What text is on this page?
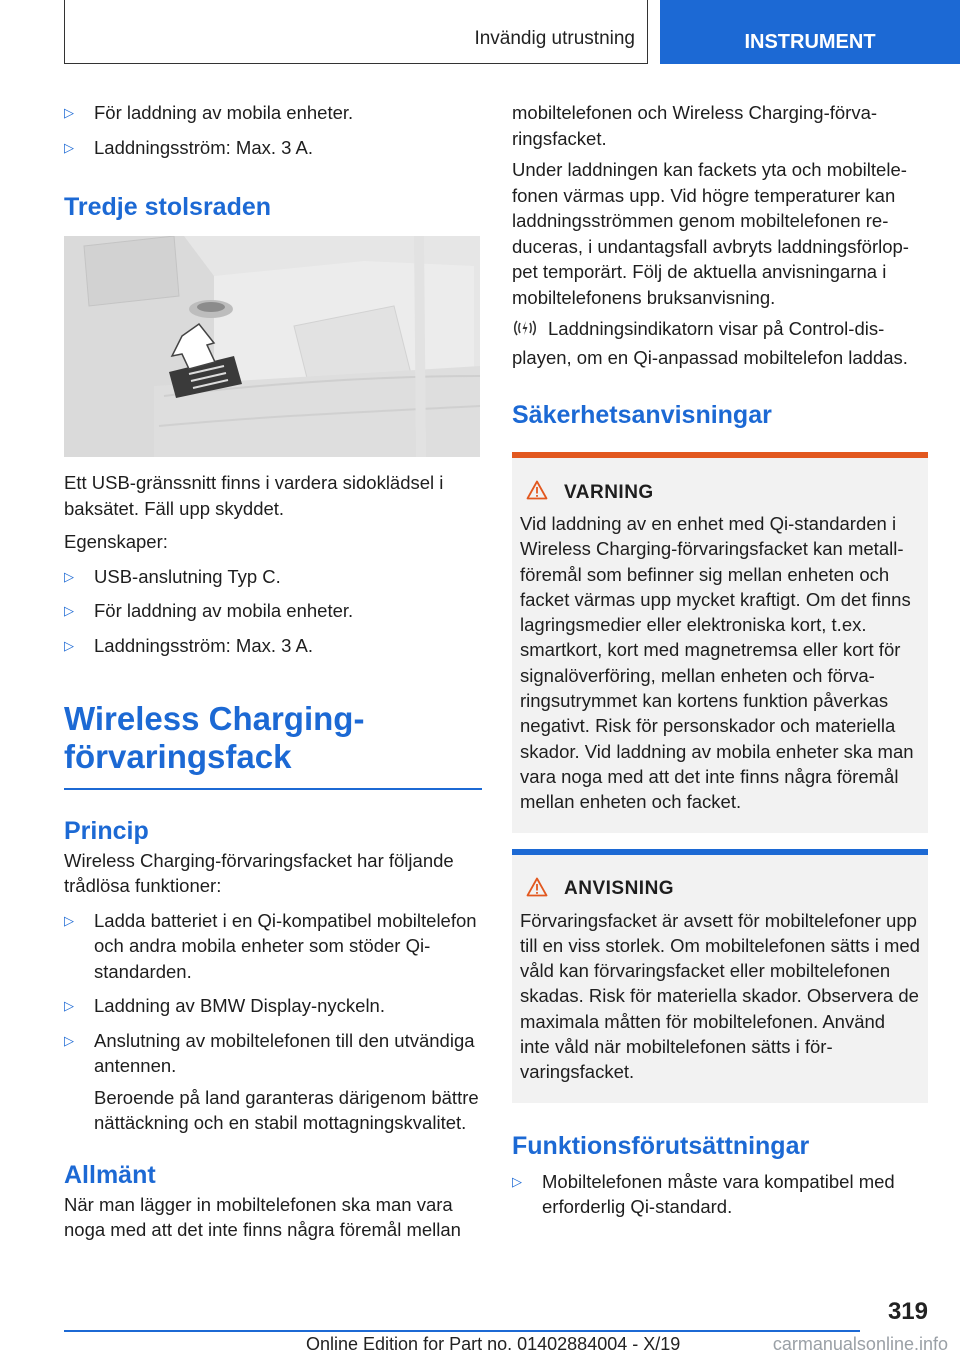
Invändig utrustning	INSTRUMENT
▷ För laddning av mobila enheter.
▷ Laddningsström: Max. 3 A.
Tredje stolsraden

Ett USB-gränssnitt finns i vardera sidoklädsel i baksätet. Fäll upp skyddet.

Egenskaper:

▷ USB-anslutning Typ C.
▷ För laddning av mobila enheter.
▷ Laddningsström: Max. 3 A.
Wireless Charging-
förvaringsfack
Princip

Wireless Charging-förvaringsfacket har följande trådlösa funktioner:

▷ Ladda batteriet i en Qi-kompatibel mobiltelefon och andra mobila enheter som stöder Qi-standarden.
▷ Laddning av BMW Display-nyckeln.
▷ Anslutning av mobiltelefonen till den utvändiga antennen.

Beroende på land garanteras därigenom bättre nättäckning och en stabil mottagningskvalitet.

Allmänt

När man lägger in mobiltelefonen ska man vara noga med att det inte finns några föremål mellan

mobiltelefonen och Wireless Charging-förvaringsfacket.

Under laddningen kan fackets yta och mobiltelefonen värmas upp. Vid högre temperaturer kan laddningsströmmen genom mobiltelefonen reduceras, i undantagsfall avbryts laddningsförloppet temporärt. Följ de aktuella anvisningarna i mobiltelefonens bruksanvisning.

Laddningsindikatorn visar på Control-displayen, om en Qi-anpassad mobiltelefon laddas.

Säkerhetsanvisningar
VARNING

Vid laddning av en enhet med Qi-standarden i Wireless Charging-förvaringsfacket kan metallföremål som befinner sig mellan enheten och facket värmas upp mycket kraftigt. Om det finns lagringsmedier eller elektroniska kort, t.ex. smartkort, kort med magnetremsa eller kort för signalöverföring, mellan enheten och förvaringsutrymmet kan kortens funktion påverkas negativt. Risk för personskador och materiella skador. Vid laddning av mobila enheter ska man vara noga med att det inte finns några föremål mellan enheten och facket.

ANVISNING

Förvaringsfacket är avsett för mobiltelefoner upp till en viss storlek. Om mobiltelefonen sätts i med våld kan förvaringsfacket eller mobiltelefonen skadas. Risk för materiella skador. Observera de maximala måtten för mobiltelefonen. Använd inte våld när mobiltelefonen sätts i förvaringsfacket.

Funktionsförutsättningar
▷ Mobiltelefonen måste vara kompatibel med erforderlig Qi-standard.
319
Online Edition for Part no. 01402884004 - X/19	carmanualsonline.info
